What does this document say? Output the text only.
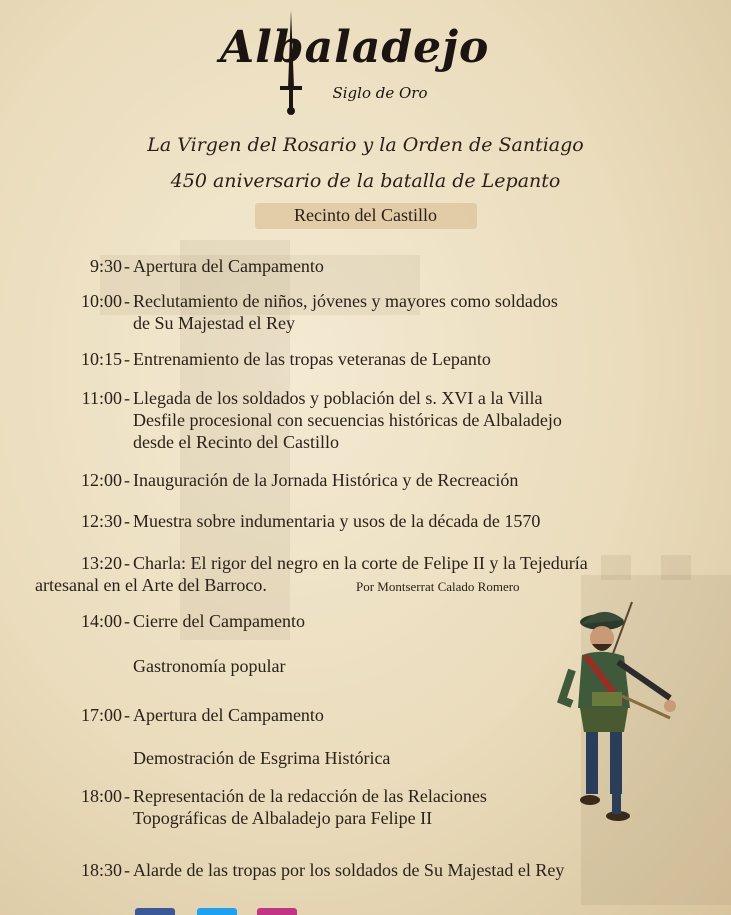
Albaladejo
Siglo de Oro
La Virgen del Rosario y la Orden de Santiago
450 aniversario de la batalla de Lepanto
Recinto del Castillo
9:30 - Apertura del Campamento
10:00 - Reclutamiento de niños, jóvenes y mayores como soldados
de Su Majestad el Rey
10:15 - Entrenamiento de las tropas veteranas de Lepanto
11:00 - Llegada de los soldados y población del s. XVI a la Villa
Desfile procesional con secuencias históricas de Albaladejo
desde el Recinto del Castillo
12:00 - Inauguración de la Jornada Histórica y de Recreación
12:30 - Muestra sobre indumentaria y usos de la década de 1570
13:20 - Charla: El rigor del negro en la corte de Felipe II y la Tejeduría
artesanal en el Arte del Barroco.	Por Montserrat Calado Romero
14:00 - Cierre del Campamento
Gastronomía popular
17:00 - Apertura del Campamento
Demostración de Esgrima Histórica
18:00 - Representación de la redacción de las Relaciones
Topográficas de Albaladejo para Felipe II
18:30 - Alarde de las tropas por los soldados de Su Majestad el Rey
